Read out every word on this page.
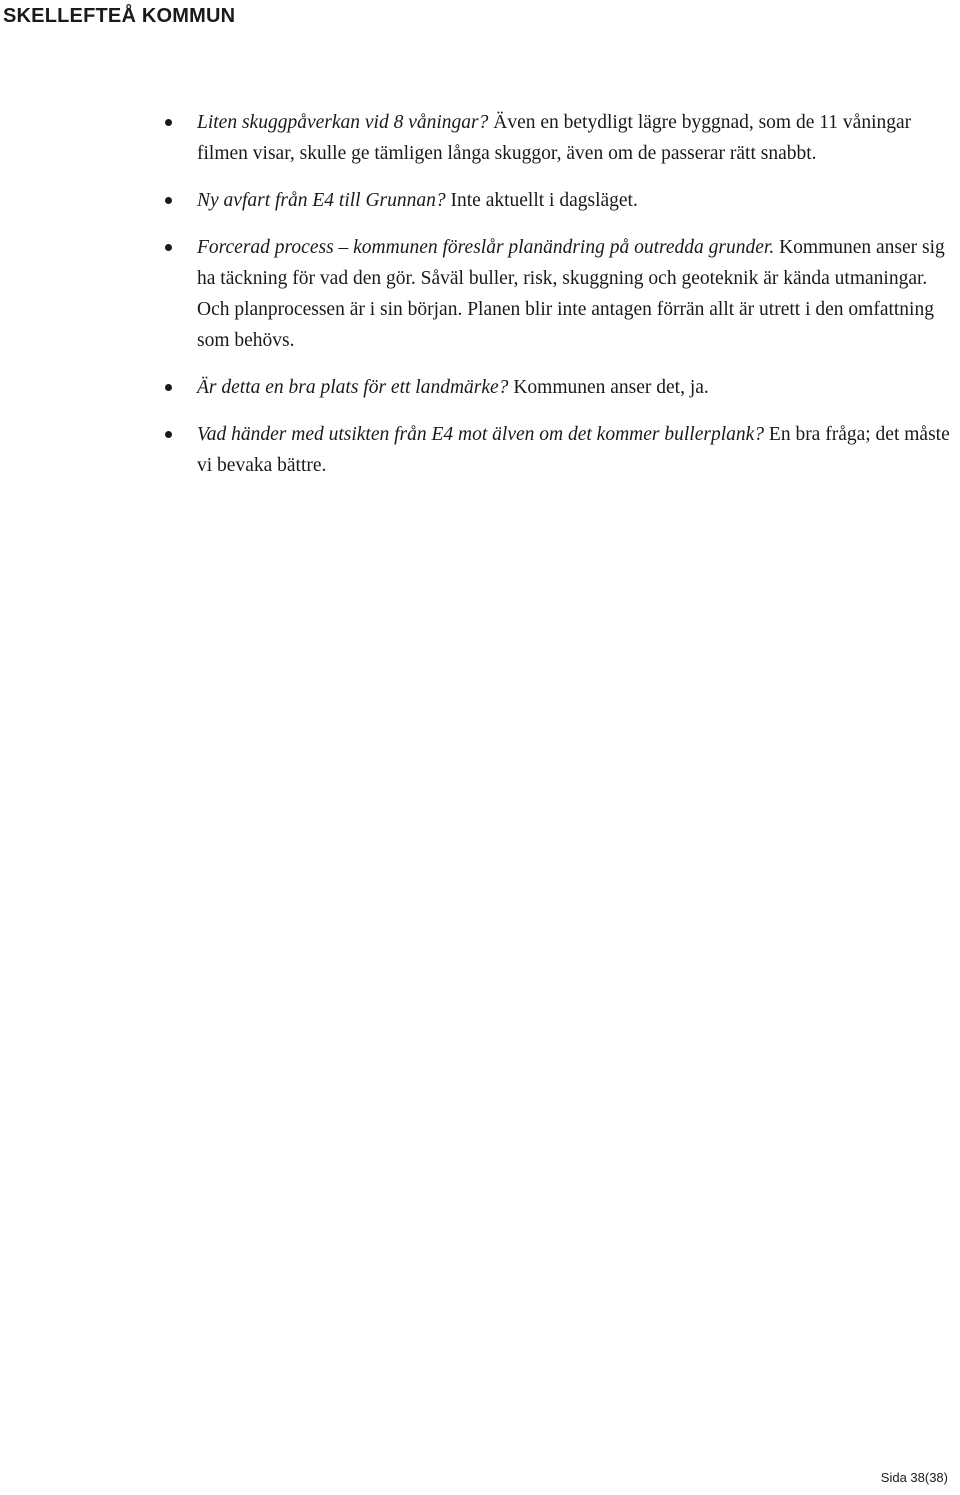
SKELLEFTEÅ KOMMUN
Liten skuggpåverkan vid 8 våningar? Även en betydligt lägre byggnad, som de 11 våningar filmen visar, skulle ge tämligen långa skuggor, även om de passerar rätt snabbt.
Ny avfart från E4 till Grunnan? Inte aktuellt i dagsläget.
Forcerad process – kommunen föreslår planändring på outredda grunder. Kommunen anser sig ha täckning för vad den gör. Såväl buller, risk, skuggning och geoteknik är kända utmaningar. Och planprocessen är i sin början. Planen blir inte antagen förrän allt är utrett i den omfattning som behövs.
Är detta en bra plats för ett landmärke? Kommunen anser det, ja.
Vad händer med utsikten från E4 mot älven om det kommer bullerplank? En bra fråga; det måste vi bevaka bättre.
Sida 38(38)
